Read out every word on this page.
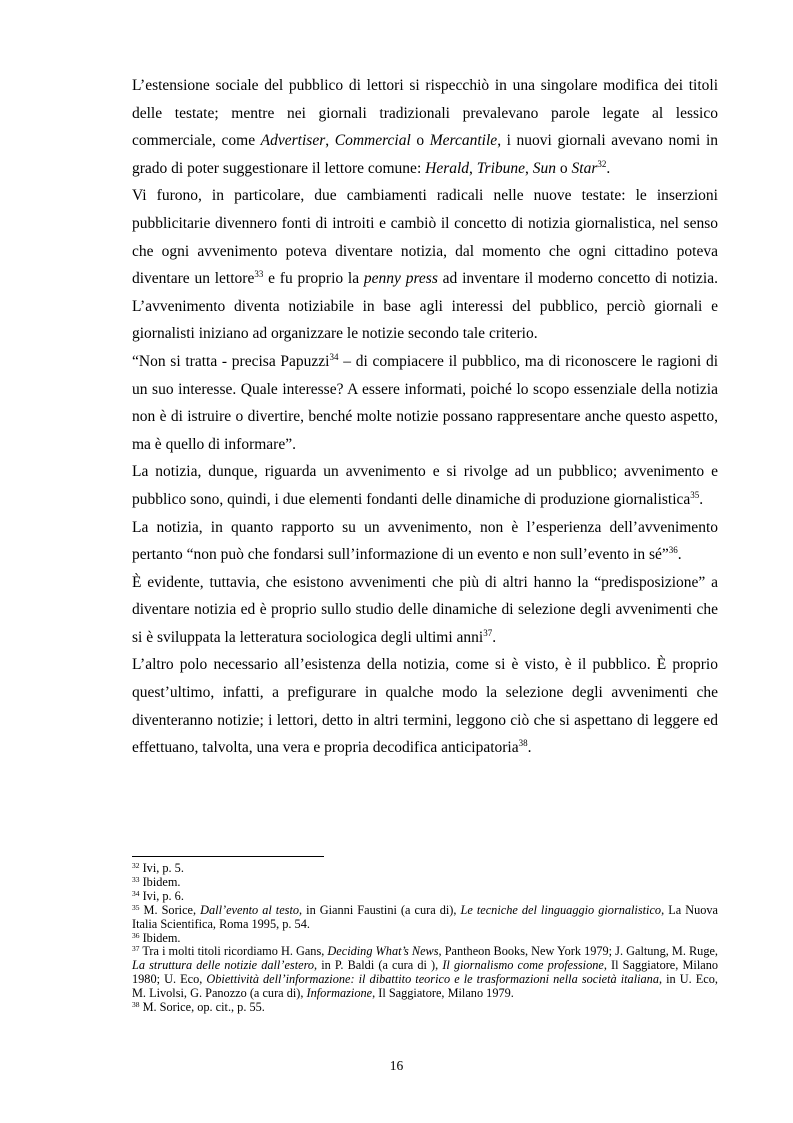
L’estensione sociale del pubblico di lettori si rispecchiò in una singolare modifica dei titoli delle testate; mentre nei giornali tradizionali prevalevano parole legate al lessico commerciale, come Advertiser, Commercial o Mercantile, i nuovi giornali avevano nomi in grado di poter suggestionare il lettore comune: Herald, Tribune, Sun o Star$^{32}$.

Vi furono, in particolare, due cambiamenti radicali nelle nuove testate: le inserzioni pubblicitarie divennero fonti di introiti e cambiò il concetto di notizia giornalistica, nel senso che ogni avvenimento poteva diventare notizia, dal momento che ogni cittadino poteva diventare un lettore$^{33}$ e fu proprio la penny press ad inventare il moderno concetto di notizia. L’avvenimento diventa notiziabile in base agli interessi del pubblico, perciò giornali e giornalisti iniziano ad organizzare le notizie secondo tale criterio.

“Non si tratta - precisa Papuzzi$^{34}$ – di compiacere il pubblico, ma di riconoscere le ragioni di un suo interesse. Quale interesse? A essere informati, poiché lo scopo essenziale della notizia non è di istruire o divertire, benché molte notizie possano rappresentare anche questo aspetto, ma è quello di informare”.

La notizia, dunque, riguarda un avvenimento e si rivolge ad un pubblico; avvenimento e pubblico sono, quindi, i due elementi fondanti delle dinamiche di produzione giornalistica$^{35}$.

La notizia, in quanto rapporto su un avvenimento, non è l’esperienza dell’avvenimento pertanto “non può che fondarsi sull’informazione di un evento e non sull’evento in sé”$^{36}$.

È evidente, tuttavia, che esistono avvenimenti che più di altri hanno la “predisposizione” a diventare notizia ed è proprio sullo studio delle dinamiche di selezione degli avvenimenti che si è sviluppata la letteratura sociologica degli ultimi anni$^{37}$.

L’altro polo necessario all’esistenza della notizia, come si è visto, è il pubblico. È proprio quest’ultimo, infatti, a prefigurare in qualche modo la selezione degli avvenimenti che diventeranno notizie; i lettori, detto in altri termini, leggono ciò che si aspettano di leggere ed effettuano, talvolta, una vera e propria decodifica anticipatoria$^{38}$.

$^{32}$ Ivi, p. 5.

$^{33}$ Ibidem.

$^{34}$ Ivi, p. 6.

$^{35}$ M. Sorice, Dall’evento al testo, in Gianni Faustini (a cura di), Le tecniche del linguaggio giornalistico, La Nuova Italia Scientifica, Roma 1995, p. 54.

$^{36}$ Ibidem.

$^{37}$ Tra i molti titoli ricordiamo H. Gans, Deciding What’s News, Pantheon Books, New York 1979; J. Galtung, M. Ruge, La struttura delle notizie dall’estero, in P. Baldi (a cura di ), Il giornalismo come professione, Il Saggiatore, Milano 1980; U. Eco, Obiettività dell’informazione: il dibattito teorico e le trasformazioni nella società italiana, in U. Eco, M. Livolsi, G. Panozzo (a cura di), Informazione, Il Saggiatore, Milano 1979.

$^{38}$ M. Sorice, op. cit., p. 55.

16
